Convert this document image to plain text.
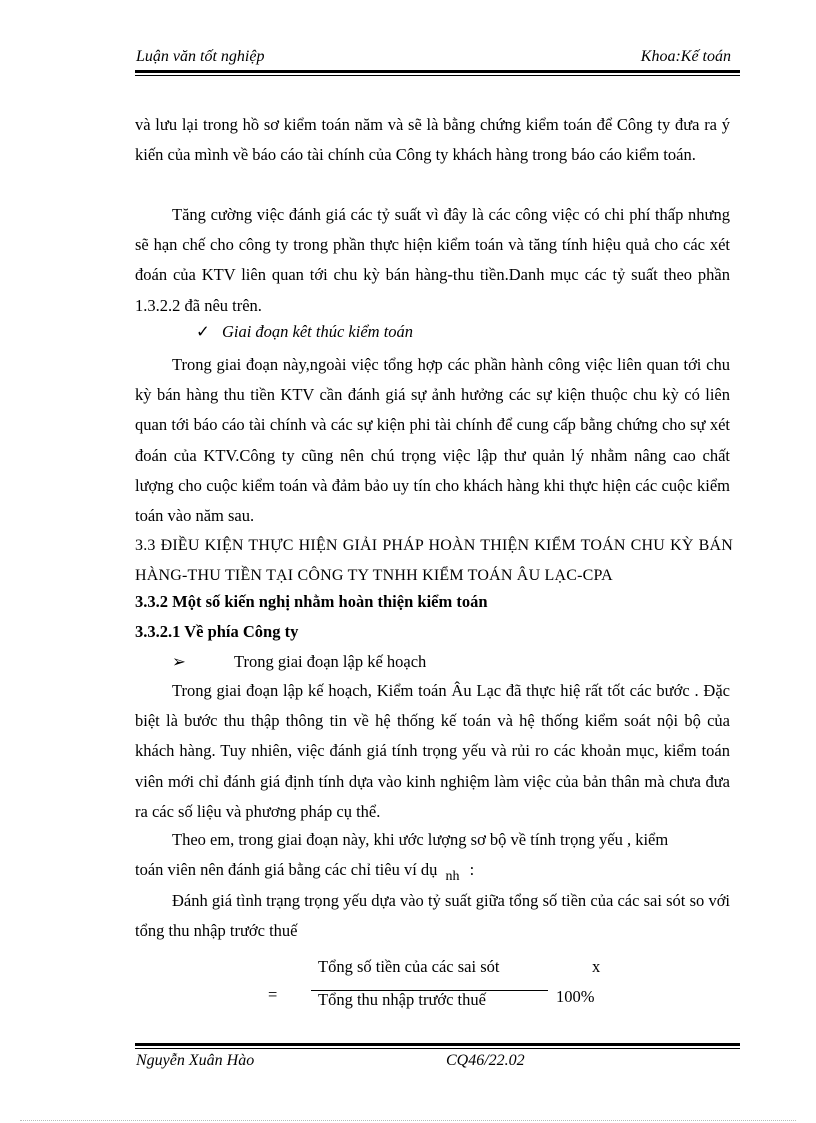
Luận văn tốt nghiệp	Khoa:Kế toán
và lưu lại trong hồ sơ kiểm toán năm và sẽ là bằng chứng kiểm toán để Công ty đưa ra ý kiến của mình về báo cáo tài chính của Công ty khách hàng trong báo cáo kiểm toán.
Tăng cường việc đánh giá các tỷ suất vì đây là các công việc có chi phí thấp nhưng sẽ hạn chế cho công ty trong phần thực hiện kiểm toán và tăng tính hiệu quả cho các xét đoán của KTV liên quan tới chu kỳ bán hàng-thu tiền.Danh mục các tỷ suất theo phần 1.3.2.2 đã nêu trên.
✓ Giai đoạn kêt thúc kiểm toán
Trong giai đoạn này,ngoài việc tổng hợp các phần hành công việc liên quan tới chu kỳ bán hàng thu tiền KTV cần đánh giá sự ảnh hưởng các sự kiện thuộc chu kỳ có liên quan tới báo cáo tài chính và các sự kiện phi tài chính để cung cấp bằng chứng cho sự xét đoán của KTV.Công ty cũng nên chú trọng việc lập thư quản lý nhằm nâng cao chất lượng cho cuộc kiểm toán và đảm bảo uy tín cho khách hàng khi thực hiện các cuộc kiểm toán vào năm sau.
3.3 ĐIỀU KIỆN THỰC HIỆN GIẢI PHÁP HOÀN THIỆN KIỂM TOÁN CHU KỲ BÁN HÀNG-THU TIỀN TẠI CÔNG TY TNHH KIỂM TOÁN ÂU LẠC-CPA
3.3.2 Một số kiến nghị nhằm hoàn thiện kiểm toán
3.3.2.1 Về phía Công ty
➢	Trong giai đoạn lập kế hoạch
Trong giai đoạn lập kế hoạch, Kiểm toán Âu Lạc đã thực hiệ rất tốt các bước . Đặc biệt là bước thu thập thông tin về hệ thống kế toán và hệ thống kiểm soát nội bộ của khách hàng. Tuy nhiên, việc đánh giá tính trọng yếu và rủi ro các khoản mục, kiểm toán viên mới chỉ đánh giá định tính dựa vào kinh nghiệm làm việc của bản thân mà chưa đưa ra các số liệu và phương pháp cụ thể.
Theo em, trong giai đoạn này, khi ước lượng sơ bộ về tính trọng yếu , kiểm
toán viên nên đánh giá bằng các chỉ tiêu ví dụ $_{nh}$ :
Đánh giá tình trạng trọng yếu dựa vào tỷ suất giữa tổng số tiền của các sai sót so với tổng thu nhập trước thuế
Tổng số tiền của các sai sót	x
= Tổng thu nhập trước thuế	100%
Nguyễn Xuân Hào	CQ46/22.02
